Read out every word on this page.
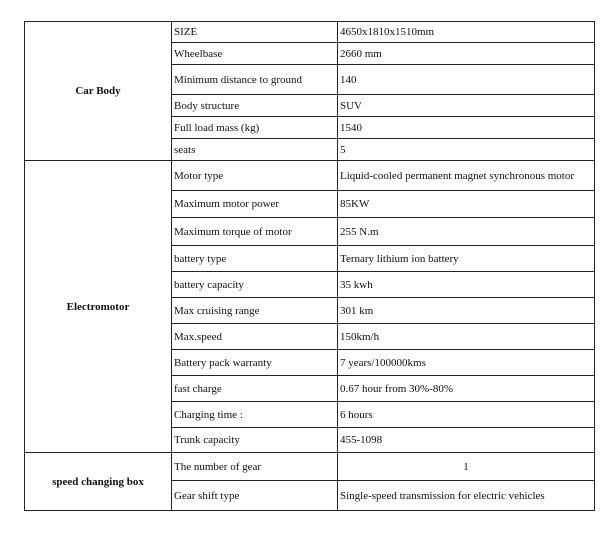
Car Body	SIZE	4650x1810x1510mm
	Wheelbase	2660 mm
	Minimum distance to ground	140
	Body structure	SUV
	Full load mass (kg)	1540
	seats	5
Electromotor	Motor type	Liquid-cooled permanent magnet synchronous motor
	Maximum motor power	85KW
	Maximum torque of motor	255 N.m
	battery type	Ternary lithium ion battery
	battery capacity	35 kwh
	Max cruising range	301 km
	Max.speed	150km/h
	Battery pack warranty	7 years/100000kms
	fast charge	0.67 hour from 30%-80%
	Charging time :	6 hours
	Trunk capacity	455-1098
speed changing box	The number of gear	1
	Gear shift type	Single-speed transmission for electric vehicles
